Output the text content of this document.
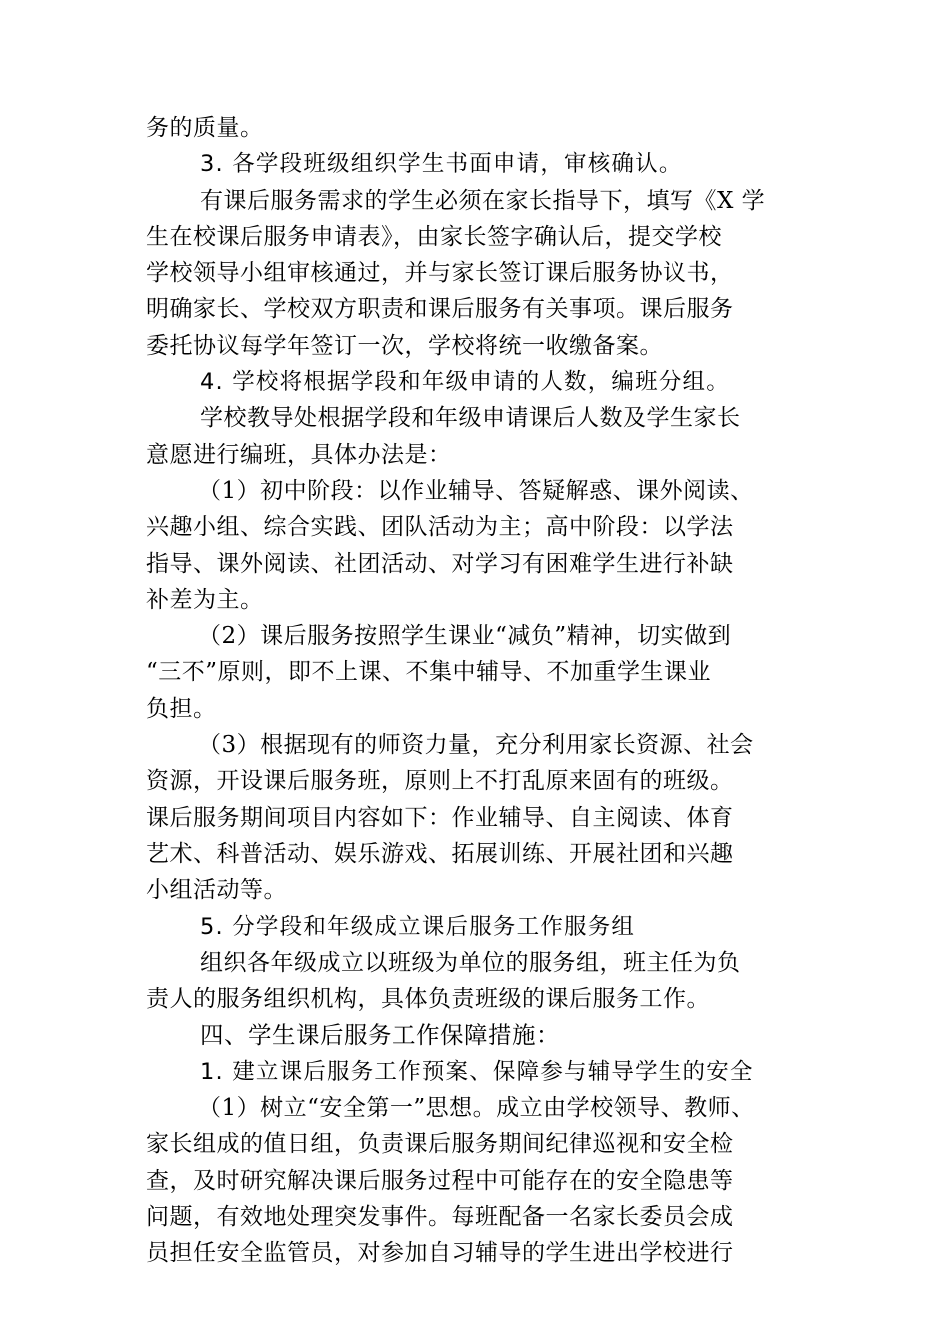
务的质量。
3. 各学段班级组织学生书面申请，审核确认。
有课后服务需求的学生必须在家长指导下，填写《X 学
生在校课后服务申请表》，由家长签字确认后，提交学校
学校领导小组审核通过，并与家长签订课后服务协议书，
明确家长、学校双方职责和课后服务有关事项。课后服务
委托协议每学年签订一次，学校将统一收缴备案。
4. 学校将根据学段和年级申请的人数，编班分组。
学校教导处根据学段和年级申请课后人数及学生家长
意愿进行编班，具体办法是：
（1）初中阶段：以作业辅导、答疑解惑、课外阅读、
兴趣小组、综合实践、团队活动为主；高中阶段：以学法
指导、课外阅读、社团活动、对学习有困难学生进行补缺
补差为主。
（2）课后服务按照学生课业“减负”精神，切实做到
“三不”原则，即不上课、不集中辅导、不加重学生课业
负担。
（3）根据现有的师资力量，充分利用家长资源、社会
资源，开设课后服务班，原则上不打乱原来固有的班级。
课后服务期间项目内容如下：作业辅导、自主阅读、体育
艺术、科普活动、娱乐游戏、拓展训练、开展社团和兴趣
小组活动等。
5. 分学段和年级成立课后服务工作服务组
组织各年级成立以班级为单位的服务组，班主任为负
责人的服务组织机构，具体负责班级的课后服务工作。
四、学生课后服务工作保障措施：
1. 建立课后服务工作预案、保障参与辅导学生的安全
（1）树立“安全第一”思想。成立由学校领导、教师、
家长组成的值日组，负责课后服务期间纪律巡视和安全检
查，及时研究解决课后服务过程中可能存在的安全隐患等
问题，有效地处理突发事件。每班配备一名家长委员会成
员担任安全监管员，对参加自习辅导的学生进出学校进行
